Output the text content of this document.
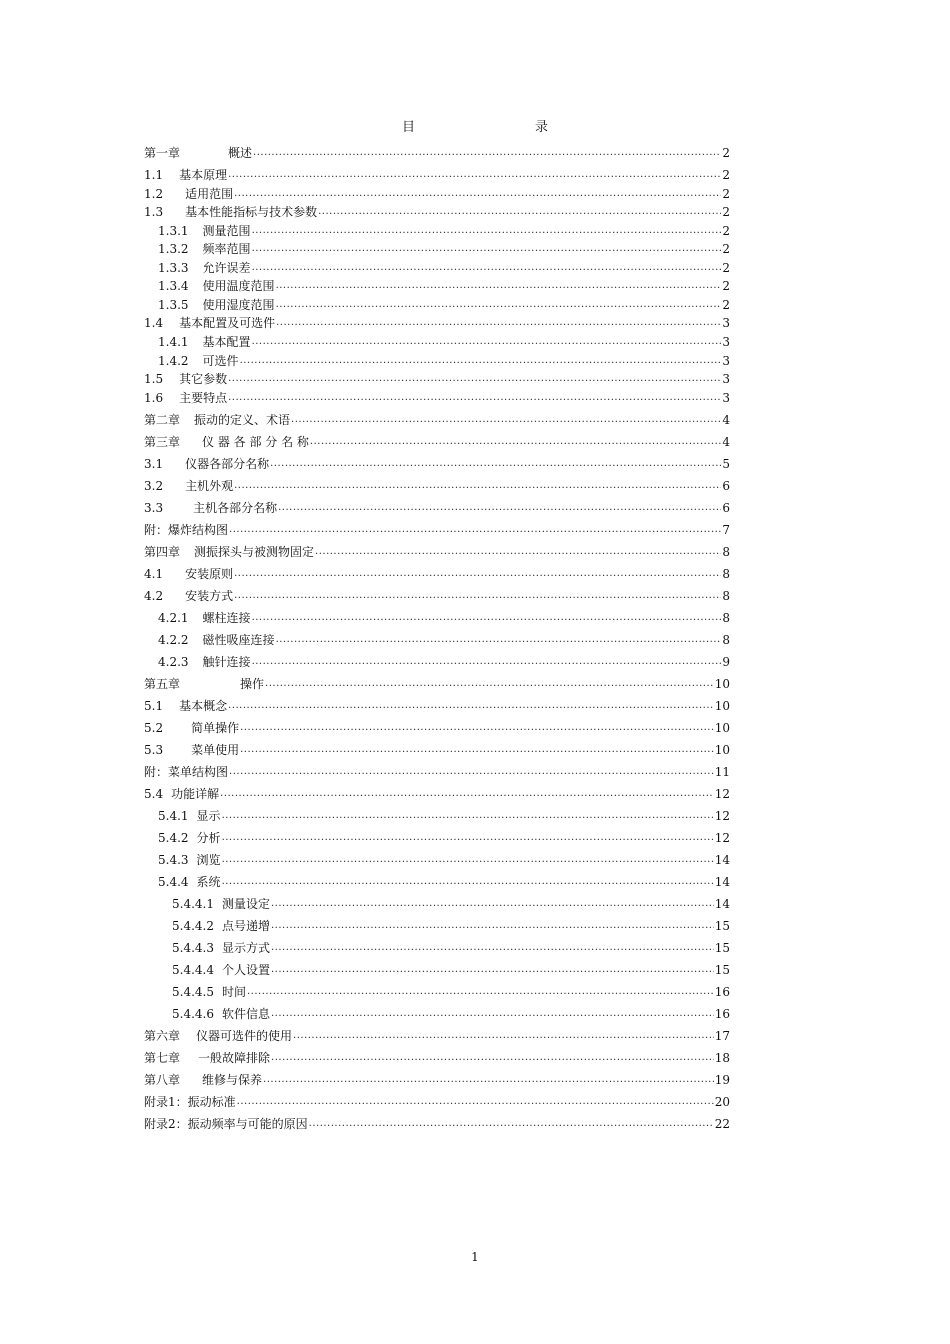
目	录
第一章	概述 .....	2
1.1 基本原理 .....	2
1.2 适用范围 .....	2
1.3 基本性能指标与技术参数 .....	2
1.3.1 测量范围 .....	2
1.3.2 频率范围 .....	2
1.3.3 允许误差 .....	2
1.3.4 使用温度范围 .....	2
1.3.5 使用湿度范围 .....	2
1.4 基本配置及可选件 .....	3
1.4.1 基本配置 .....	3
1.4.2 可选件 .....	3
1.5 其它参数 .....	3
1.6 主要特点 .....	3
第二章 振动的定义、术语 .....	4
第三章 仪 器 各 部 分 名 称 .....	4
3.1 仪器各部分名称 .....	5
3.2 主机外观 .....	6
3.3	主机各部分名称 .....	6
附：爆炸结构图 .....	7
第四章 测振探头与被测物固定 .....	8
4.1 安装原则 .....	8
4.2 安装方式 .....	8
4.2.1 螺柱连接 .....	8
4.2.2 磁性吸座连接 .....	8
4.2.3 触针连接 .....	9
第五章	操作 .....	10
5.1 基本概念 .....	10
5.2 简单操作 .....	10
5.3 菜单使用 .....	10
附：菜单结构图 .....	11
5.4 功能详解 .....	12
5.4.1 显示 .....	12
5.4.2 分析 .....	12
5.4.3 浏览 .....	14
5.4.4 系统 .....	14
5.4.4.1 测量设定 .....	14
5.4.4.2 点号递增 .....	15
5.4.4.3 显示方式 .....	15
5.4.4.4 个人设置 .....	15
5.4.4.5 时间 .....	16
5.4.4.6 软件信息 .....	16
第六章 仪器可选件的使用 .....	17
第七章 一般故障排除 .....	18
第八章 维修与保养 .....	19
附录1：振动标准 .....	20
附录2：振动频率与可能的原因 .....	22
1
